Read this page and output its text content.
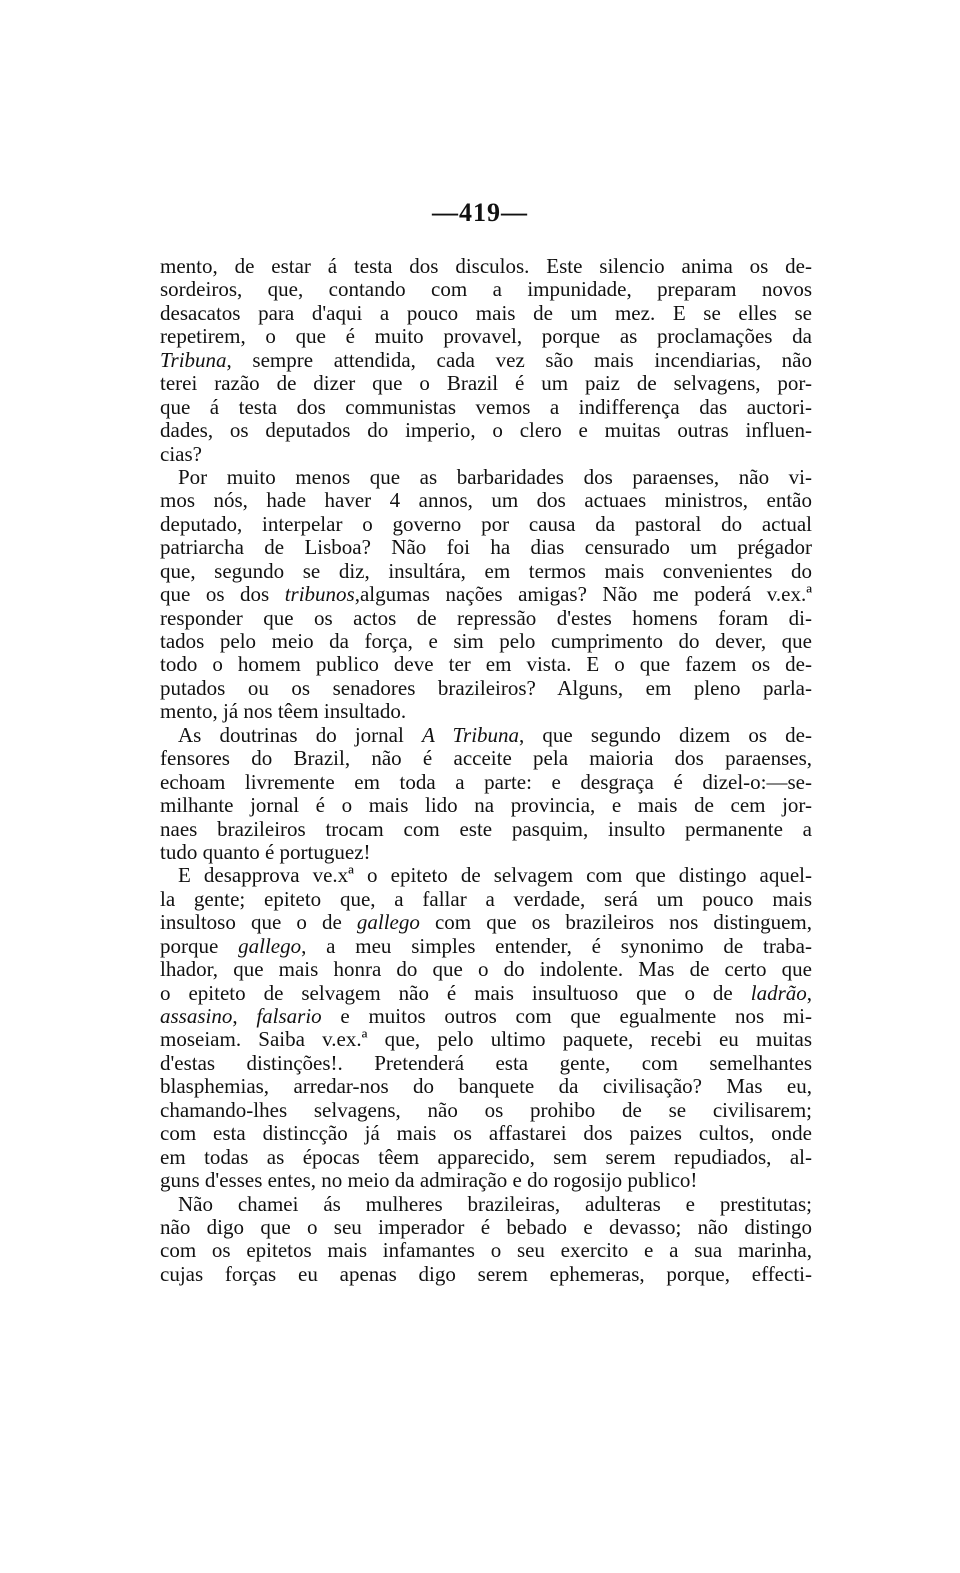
—419—
mento, de estar á testa dos disculos. Este silencio anima os de-
sordeiros, que, contando com a impunidade, preparam novos
desacatos para d'aqui a pouco mais de um mez. E se elles se
repetirem, o que é muito provavel, porque as proclamações da
Tribuna, sempre attendida, cada vez são mais incendiarias, não
terei razão de dizer que o Brazil é um paiz de selvagens, por-
que á testa dos communistas vemos a indifferença das auctori-
dades, os deputados do imperio, o clero e muitas outras influen-
cias?
Por muito menos que as barbaridades dos paraenses, não vi-
mos nós, hade haver 4 annos, um dos actuaes ministros, então
deputado, interpelar o governo por causa da pastoral do actual
patriarcha de Lisboa? Não foi ha dias censurado um prégador
que, segundo se diz, insultára, em termos mais convenientes do
que os dos tribunos,algumas nações amigas? Não me poderá v.ex.ª
responder que os actos de repressão d'estes homens foram di-
tados pelo meio da força, e sim pelo cumprimento do dever, que
todo o homem publico deve ter em vista. E o que fazem os de-
putados ou os senadores brazileiros? Alguns, em pleno parla-
mento, já nos têem insultado.
As doutrinas do jornal A Tribuna, que segundo dizem os de-
fensores do Brazil, não é acceite pela maioria dos paraenses,
echoam livremente em toda a parte: e desgraça é dizel-o:—se-
milhante jornal é o mais lido na provincia, e mais de cem jor-
naes brazileiros trocam com este pasquim, insulto permanente a
tudo quanto é portuguez!
E desapprova ve.xª o epiteto de selvagem com que distingo aquel-
la gente; epiteto que, a fallar a verdade, será um pouco mais
insultoso que o de gallego com que os brazileiros nos distinguem,
porque gallego, a meu simples entender, é synonimo de traba-
lhador, que mais honra do que o do indolente. Mas de certo que
o epiteto de selvagem não é mais insultuoso que o de ladrão,
assasino, falsario e muitos outros com que egualmente nos mi-
moseiam. Saiba v.ex.ª que, pelo ultimo paquete, recebi eu muitas
d'estas distinções!. Pretenderá esta gente, com semelhantes
blasphemias, arredar-nos do banquete da civilisação? Mas eu,
chamando-lhes selvagens, não os prohibo de se civilisarem;
com esta distincção já mais os affastarei dos paizes cultos, onde
em todas as épocas têem apparecido, sem serem repudiados, al-
guns d'esses entes, no meio da admiração e do rogosijo publico!
Não chamei ás mulheres brazileiras, adulteras e prestitutas;
não digo que o seu imperador é bebado e devasso; não distingo
com os epitetos mais infamantes o seu exercito e a sua marinha,
cujas forças eu apenas digo serem ephemeras, porque, effecti-
